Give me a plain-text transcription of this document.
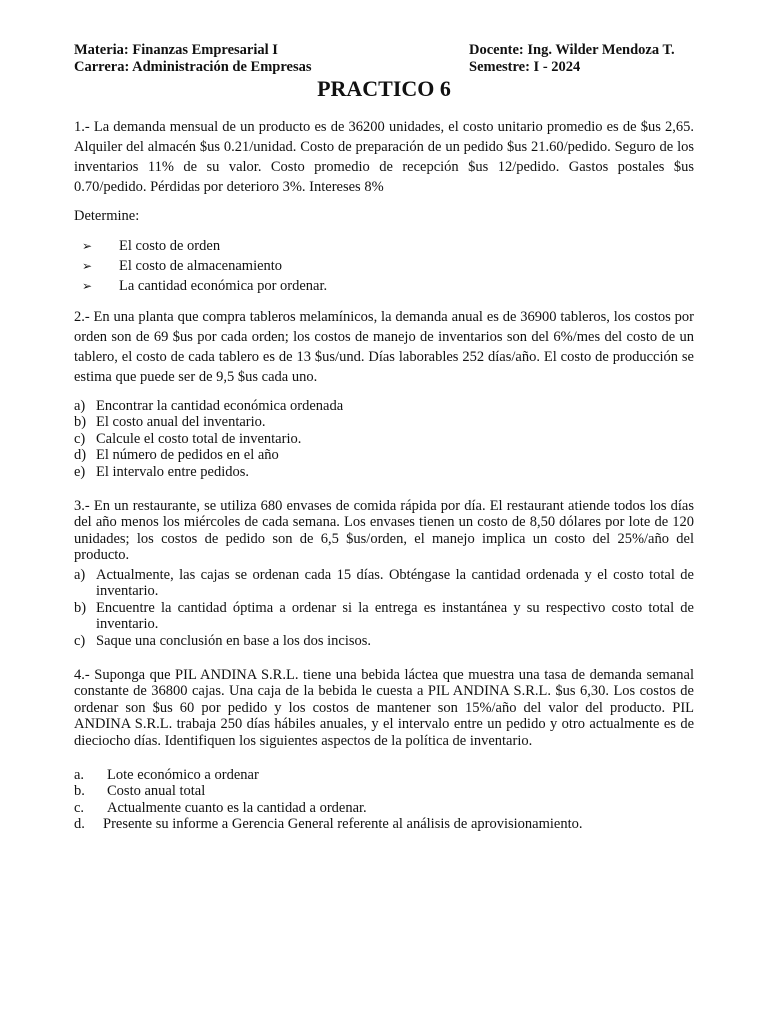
Materia: Finanzas Empresarial I
Carrera: Administración de Empresas
Docente: Ing. Wilder Mendoza T.
Semestre: I - 2024
PRACTICO 6
1.- La demanda mensual de un producto es de 36200 unidades, el costo unitario promedio es de $us 2,65. Alquiler del almacén $us 0.21/unidad. Costo de preparación de un pedido $us 21.60/pedido. Seguro de los inventarios 11% de su valor. Costo promedio de recepción $us 12/pedido. Gastos postales $us 0.70/pedido. Pérdidas por deterioro 3%. Intereses 8%
Determine:
➢	El costo de orden
➢	El costo de almacenamiento
➢	La cantidad económica por ordenar.
2.- En una planta que compra tableros melamínicos, la demanda anual es de 36900 tableros, los costos por orden son de 69 $us por cada orden; los costos de manejo de inventarios son del 6%/mes del costo de un tablero, el costo de cada tablero es de 13 $us/und. Días laborables 252 días/año. El costo de producción se estima que puede ser de 9,5 $us cada uno.
a) Encontrar la cantidad económica ordenada
b) El costo anual del inventario.
c) Calcule el costo total de inventario.
d) El número de pedidos en el año
e) El intervalo entre pedidos.
3.- En un restaurante, se utiliza 680 envases de comida rápida por día. El restaurant atiende todos los días del año menos los miércoles de cada semana. Los envases tienen un costo de 8,50 dólares por lote de 120 unidades; los costos de pedido son de 6,5 $us/orden, el manejo implica un costo del 25%/año del producto.
a) Actualmente, las cajas se ordenan cada 15 días. Obténgase la cantidad ordenada y el costo total de inventario.
b) Encuentre la cantidad óptima a ordenar si la entrega es instantánea y su respectivo costo total de inventario.
c) Saque una conclusión en base a los dos incisos.
4.- Suponga que PIL ANDINA S.R.L. tiene una bebida láctea que muestra una tasa de demanda semanal constante de 36800 cajas. Una caja de la bebida le cuesta a PIL ANDINA S.R.L. $us 6,30. Los costos de ordenar son $us 60 por pedido y los costos de mantener son 15%/año del valor del producto. PIL ANDINA S.R.L. trabaja 250 días hábiles anuales, y el intervalo entre un pedido y otro actualmente es de dieciocho días. Identifiquen los siguientes aspectos de la política de inventario.
a.	Lote económico a ordenar
b.	Costo anual total
c.	Actualmente cuanto es la cantidad a ordenar.
d.	Presente su informe a Gerencia General referente al análisis de aprovisionamiento.
